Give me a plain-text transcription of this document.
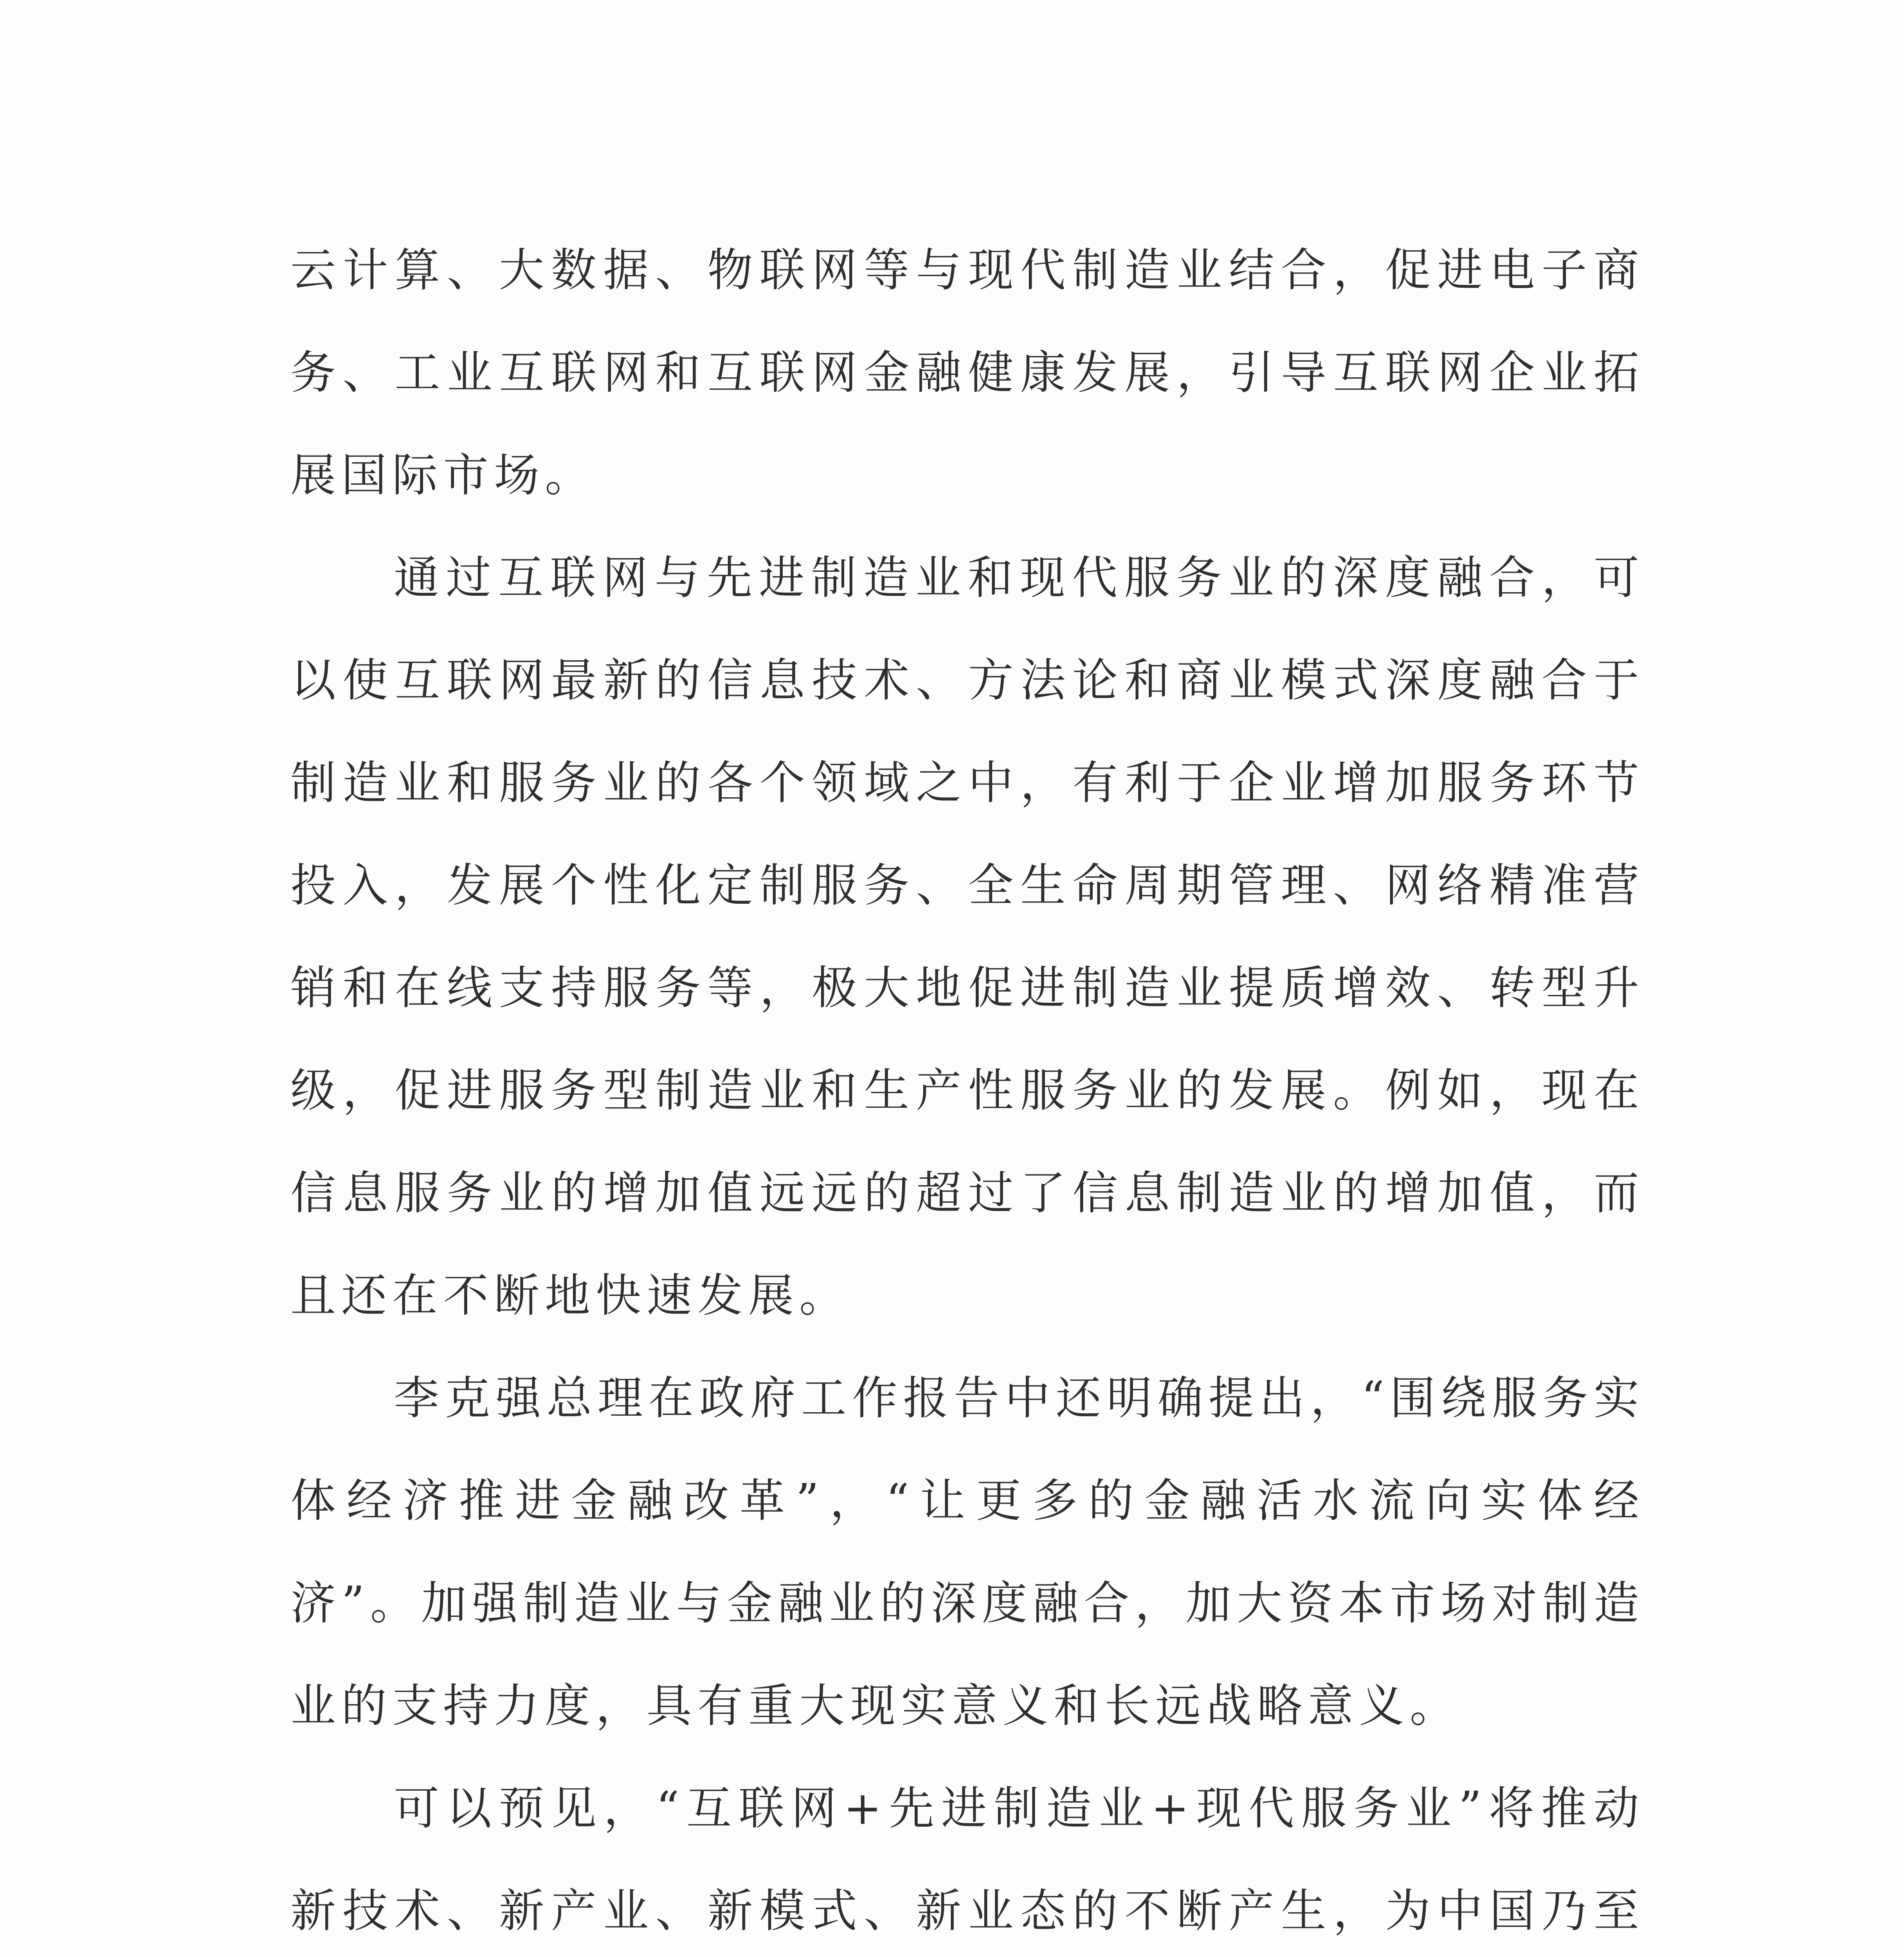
云计算、大数据、物联网等与现代制造业结合，促进电子商务、工业互联网和互联网金融健康发展，引导互联网企业拓展国际市场。

通过互联网与先进制造业和现代服务业的深度融合，可以使互联网最新的信息技术、方法论和商业模式深度融合于制造业和服务业的各个领域之中，有利于企业增加服务环节投入，发展个性化定制服务、全生命周期管理、网络精准营销和在线支持服务等，极大地促进制造业提质增效、转型升级，促进服务型制造业和生产性服务业的发展。例如，现在信息服务业的增加值远远的超过了信息制造业的增加值，而且还在不断地快速发展。

李克强总理在政府工作报告中还明确提出，“围绕服务实体经济推进金融改革”，“让更多的金融活水流向实体经济”。加强制造业与金融业的深度融合，加大资本市场对制造业的支持力度，具有重大现实意义和长远战略意义。

可以预见，“互联网+先进制造业+现代服务业”将推动新技术、新产业、新模式、新业态的不断产生，为中国乃至
